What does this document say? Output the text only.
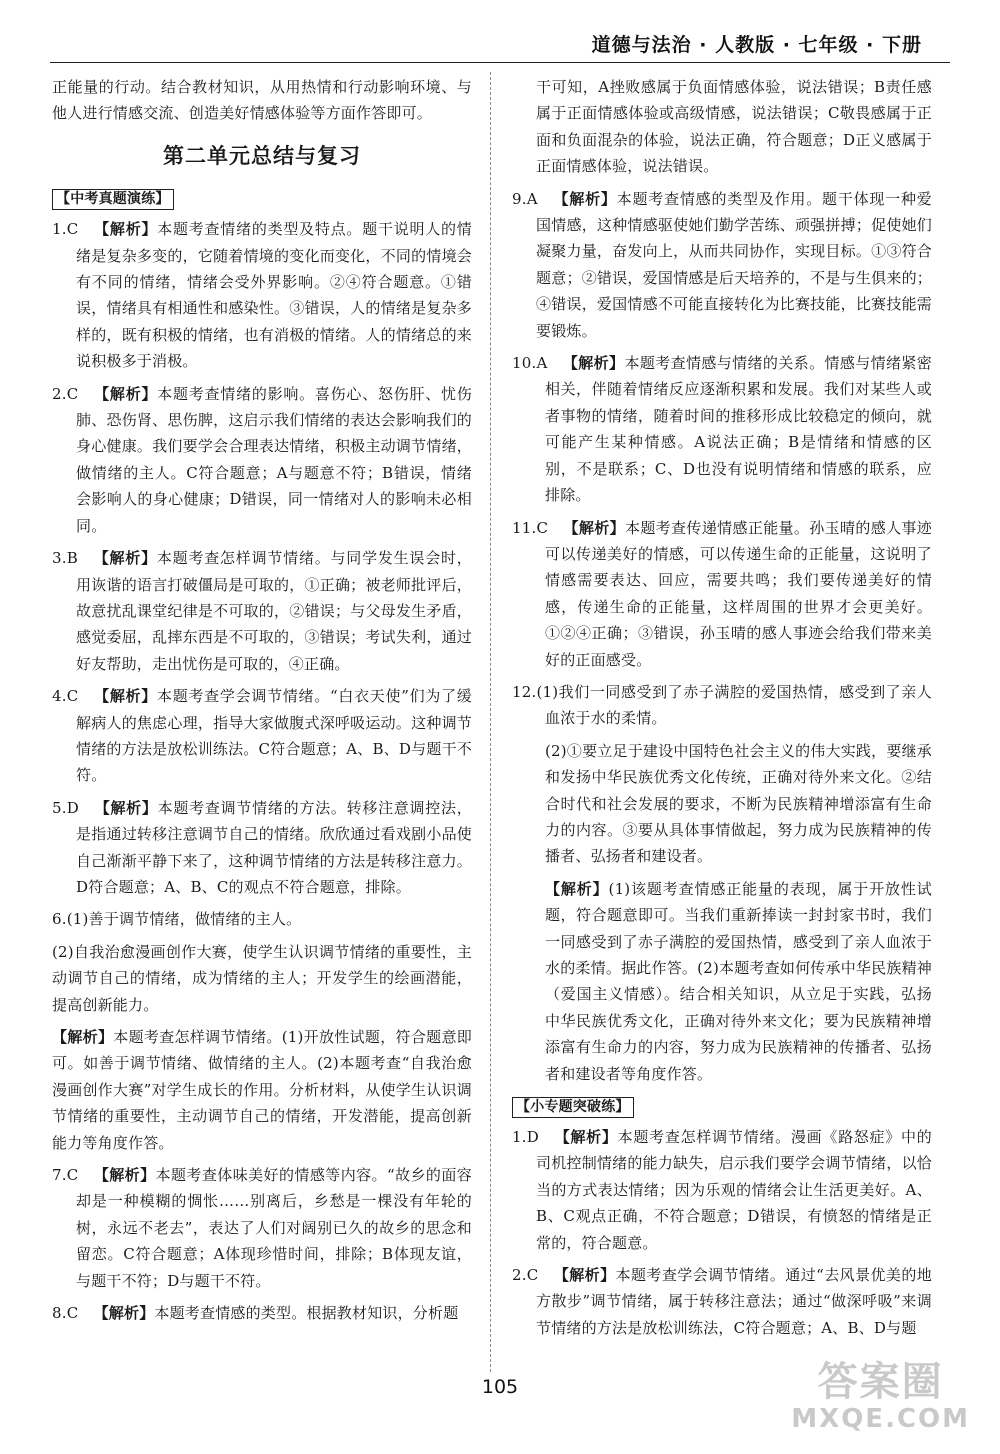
道德与法治 · 人教版 · 七年级 · 下册

正能量的行动。结合教材知识，从用热情和行动影响环境、与他人进行情感交流、创造美好情感体验等方面作答即可。

第二单元总结与复习
【中考真题演练】

1.C  【解析】本题考查情绪的类型及特点。题干说明人的情绪是复杂多变的，它随着情境的变化而变化，不同的情境会有不同的情绪，情绪会受外界影响。②④符合题意。①错误，情绪具有相通性和感染性。③错误，人的情绪是复杂多样的，既有积极的情绪，也有消极的情绪。人的情绪总的来说积极多于消极。

2.C  【解析】本题考查情绪的影响。喜伤心、怒伤肝、忧伤肺、恐伤肾、思伤脾，这启示我们情绪的表达会影响我们的身心健康。我们要学会合理表达情绪，积极主动调节情绪，做情绪的主人。C符合题意；A与题意不符；B错误，情绪会影响人的身心健康；D错误，同一情绪对人的影响未必相同。

3.B  【解析】本题考查怎样调节情绪。与同学发生误会时，用诙谐的语言打破僵局是可取的，①正确；被老师批评后，故意扰乱课堂纪律是不可取的，②错误；与父母发生矛盾，感觉委屈，乱摔东西是不可取的，③错误；考试失利，通过好友帮助，走出忧伤是可取的，④正确。

4.C  【解析】本题考查学会调节情绪。“白衣天使”们为了缓解病人的焦虑心理，指导大家做腹式深呼吸运动。这种调节情绪的方法是放松训练法。C符合题意；A、B、D与题干不符。

5.D  【解析】本题考查调节情绪的方法。转移注意调控法，是指通过转移注意调节自己的情绪。欣欣通过看戏剧小品使自己渐渐平静下来了，这种调节情绪的方法是转移注意力。D符合题意；A、B、C的观点不符合题意，排除。

6.(1)善于调节情绪，做情绪的主人。

(2)自我治愈漫画创作大赛，使学生认识调节情绪的重要性，主动调节自己的情绪，成为情绪的主人；开发学生的绘画潜能，提高创新能力。

【解析】本题考查怎样调节情绪。(1)开放性试题，符合题意即可。如善于调节情绪、做情绪的主人。(2)本题考查“自我治愈漫画创作大赛”对学生成长的作用。分析材料，从使学生认识调节情绪的重要性，主动调节自己的情绪，开发潜能，提高创新能力等角度作答。

7.C  【解析】本题考查体味美好的情感等内容。“故乡的面容却是一种模糊的惆怅……别离后，乡愁是一棵没有年轮的树，永远不老去”，表达了人们对阔别已久的故乡的思念和留恋。C符合题意；A体现珍惜时间，排除；B体现友谊，与题干不符；D与题干不符。

8.C  【解析】本题考查情感的类型。根据教材知识，分析题

干可知，A挫败感属于负面情感体验，说法错误；B责任感属于正面情感体验或高级情感，说法错误；C敬畏感属于正面和负面混杂的体验，说法正确，符合题意；D正义感属于正面情感体验，说法错误。

9.A  【解析】本题考查情感的类型及作用。题干体现一种爱国情感，这种情感驱使她们勤学苦练、顽强拼搏；促使她们凝聚力量，奋发向上，从而共同协作，实现目标。①③符合题意；②错误，爱国情感是后天培养的，不是与生俱来的；④错误，爱国情感不可能直接转化为比赛技能，比赛技能需要锻炼。

10.A  【解析】本题考查情感与情绪的关系。情感与情绪紧密相关，伴随着情绪反应逐渐积累和发展。我们对某些人或者事物的情绪，随着时间的推移形成比较稳定的倾向，就可能产生某种情感。A说法正确；B是情绪和情感的区别，不是联系；C、D也没有说明情绪和情感的联系，应排除。

11.C  【解析】本题考查传递情感正能量。孙玉晴的感人事迹可以传递美好的情感，可以传递生命的正能量，这说明了情感需要表达、回应，需要共鸣；我们要传递美好的情感，传递生命的正能量，这样周围的世界才会更美好。①②④正确；③错误，孙玉晴的感人事迹会给我们带来美好的正面感受。

12.(1)我们一同感受到了赤子满腔的爱国热情，感受到了亲人血浓于水的柔情。

(2)①要立足于建设中国特色社会主义的伟大实践，要继承和发扬中华民族优秀文化传统，正确对待外来文化。②结合时代和社会发展的要求，不断为民族精神增添富有生命力的内容。③要从具体事情做起，努力成为民族精神的传播者、弘扬者和建设者。

【解析】(1)该题考查情感正能量的表现，属于开放性试题，符合题意即可。当我们重新捧读一封封家书时，我们一同感受到了赤子满腔的爱国热情，感受到了亲人血浓于水的柔情。据此作答。(2)本题考查如何传承中华民族精神（爱国主义情感）。结合相关知识，从立足于实践，弘扬中华民族优秀文化，正确对待外来文化；要为民族精神增添富有生命力的内容，努力成为民族精神的传播者、弘扬者和建设者等角度作答。

【小专题突破练】

1.D  【解析】本题考查怎样调节情绪。漫画《路怒症》中的司机控制情绪的能力缺失，启示我们要学会调节情绪，以恰当的方式表达情绪；因为乐观的情绪会让生活更美好。A、B、C观点正确，不符合题意；D错误，有愤怒的情绪是正常的，符合题意。

2.C  【解析】本题考查学会调节情绪。通过“去风景优美的地方散步”调节情绪，属于转移注意法；通过“做深呼吸”来调节情绪的方法是放松训练法，C符合题意；A、B、D与题

105	答案圈
MXQE.COM
